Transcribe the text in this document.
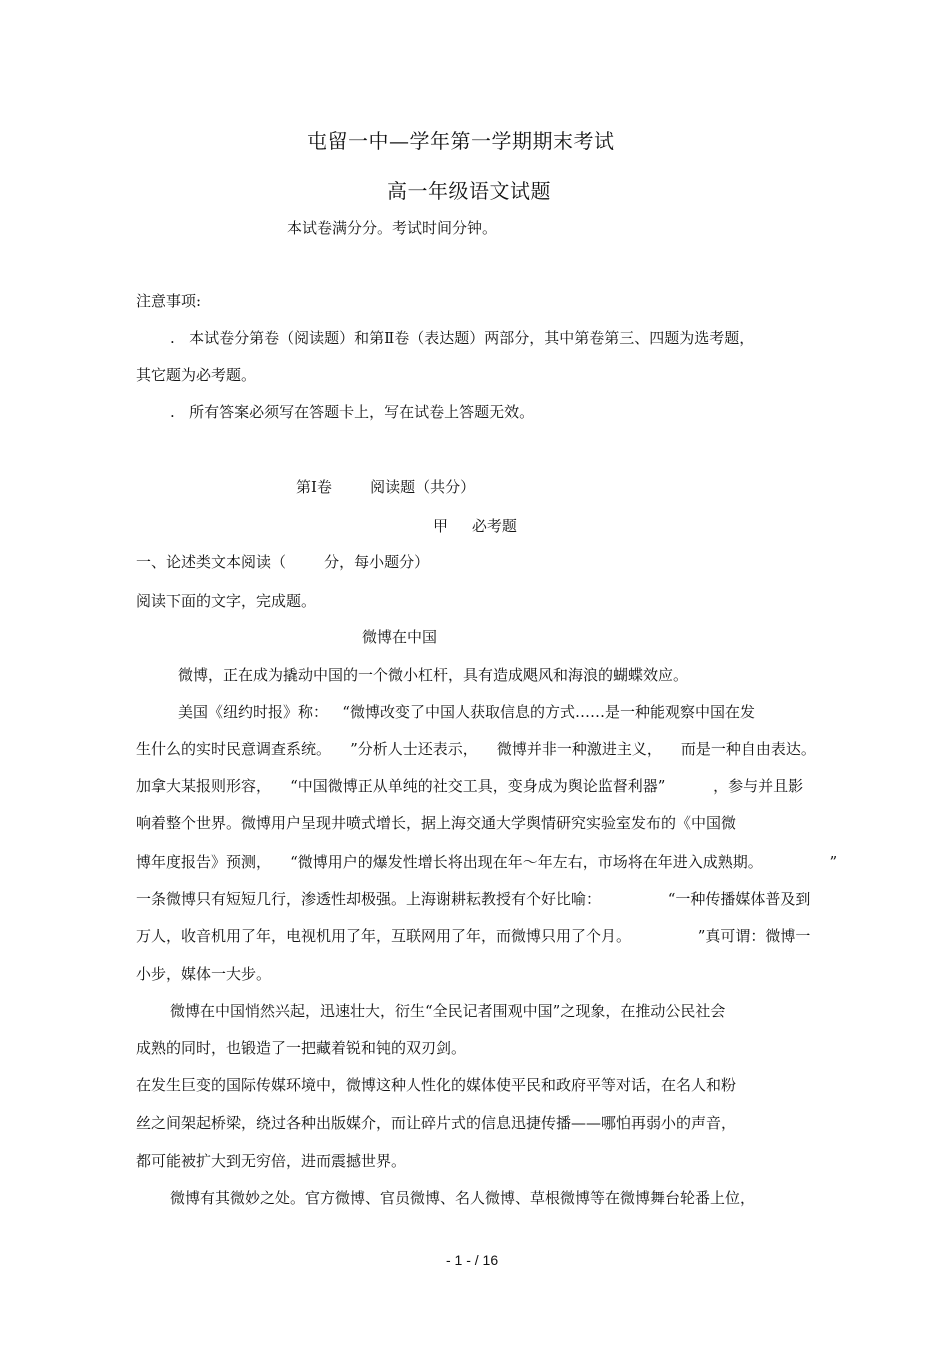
屯留一中—学年第一学期期末考试
高一年级语文试题
本试卷满分分。考试时间分钟。
注意事项:
.   本试卷分第卷（阅读题）和第Ⅱ卷（表达题）两部分，其中第卷第三、四题为选考题，
其它题为必考题。
.   所有答案必须写在答题卡上，写在试卷上答题无效。
第Ⅰ卷        阅读题（共分）
甲     必考题
一、论述类文本阅读（        分，每小题分）
阅读下面的文字，完成题。
微博在中国
微博，正在成为撬动中国的一个微小杠杆，具有造成飓风和海浪的蝴蝶效应。
美国《纽约时报》称：   “微博改变了中国人获取信息的方式……是一种能观察中国在发
生什么的实时民意调查系统。    ”分析人士还表示，    微博并非一种激进主义，    而是一种自由表达。
加拿大某报则形容，    “中国微博正从单纯的社交工具，变身成为舆论监督利器”          ，参与并且影
响着整个世界。微博用户呈现井喷式增长，据上海交通大学舆情研究实验室发布的《中国微
博年度报告》预测，    “微博用户的爆发性增长将出现在年～年左右，市场将在年进入成熟期。              ”
一条微博只有短短几行，渗透性却极强。上海谢耕耘教授有个好比喻：              “一种传播媒体普及到
万人，收音机用了年，电视机用了年，互联网用了年，而微博只用了个月。              ”真可谓：微博一
小步，媒体一大步。
微博在中国悄然兴起，迅速壮大，衍生“全民记者围观中国”之现象，在推动公民社会
成熟的同时，也锻造了一把藏着锐和钝的双刃剑。
在发生巨变的国际传媒环境中，微博这种人性化的媒体使平民和政府平等对话，在名人和粉
丝之间架起桥梁，绕过各种出版媒介，而让碎片式的信息迅捷传播——哪怕再弱小的声音，
都可能被扩大到无穷倍，进而震撼世界。
微博有其微妙之处。官方微博、官员微博、名人微博、草根微博等在微博舞台轮番上位，
- 1 - / 16
